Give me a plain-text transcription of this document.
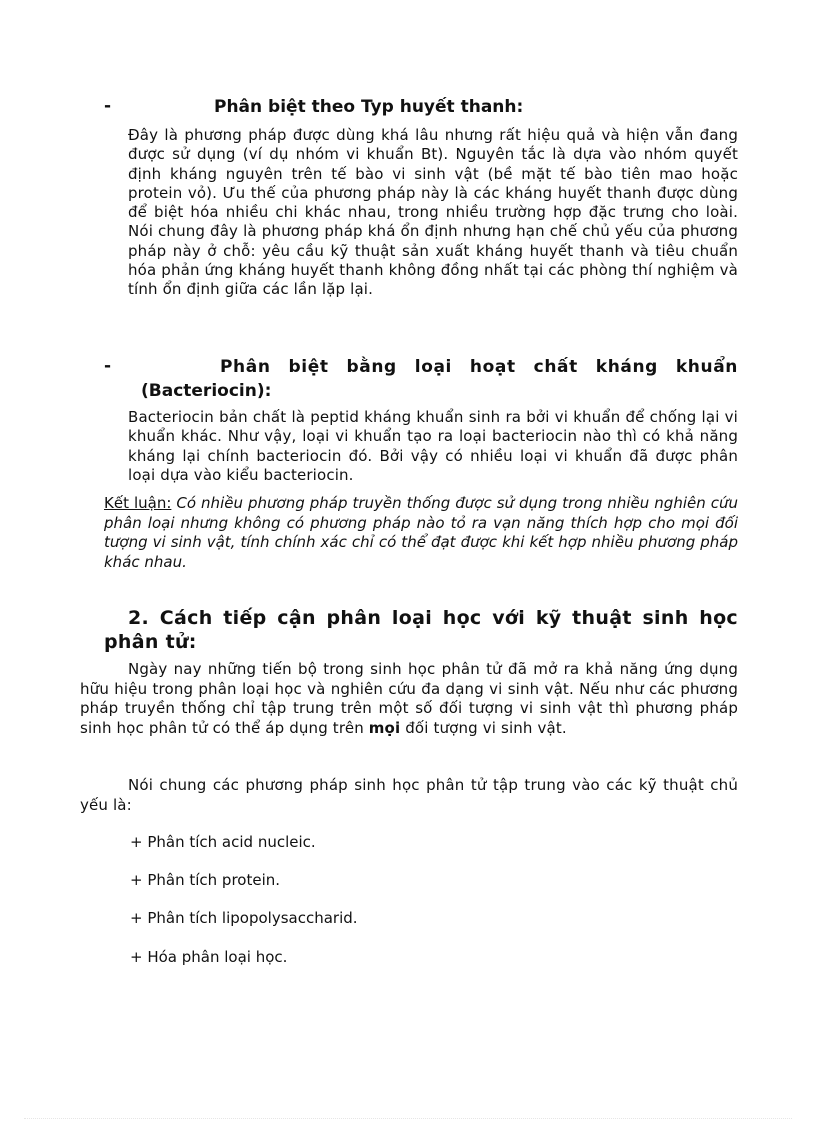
-	Phân biệt theo Typ huyết thanh:
Đây là phương pháp được dùng khá lâu nhưng rất hiệu quả và hiện vẫn đang được sử dụng (ví dụ nhóm vi khuẩn Bt). Nguyên tắc là dựa vào nhóm quyết định kháng nguyên trên tế bào vi sinh vật (bề mặt tế bào tiên mao hoặc protein vỏ). Ưu thế của phương pháp này là các kháng huyết thanh được dùng để biệt hóa nhiều chi khác nhau, trong nhiều trường hợp đặc trưng cho loài. Nói chung đây là phương pháp khá ổn định nhưng hạn chế chủ yếu của phương pháp này ở chỗ: yêu cầu kỹ thuật sản xuất kháng huyết thanh và tiêu chuẩn hóa phản ứng kháng huyết thanh không đồng nhất tại các phòng thí nghiệm và tính ổn định giữa các lần lặp lại.
-	Phân biệt bằng loại hoạt chất kháng khuẩn
(Bacteriocin):
Bacteriocin bản chất là peptid kháng khuẩn sinh ra bởi vi khuẩn để chống lại vi khuẩn khác. Như vậy, loại vi khuẩn tạo ra loại bacteriocin nào thì có khả năng kháng lại chính bacteriocin đó. Bởi vậy có nhiều loại vi khuẩn đã được phân loại dựa vào kiểu bacteriocin.
Kết luận: Có nhiều phương pháp truyền thống được sử dụng trong nhiều nghiên cứu phân loại nhưng không có phương pháp nào tỏ ra vạn năng thích hợp cho mọi đối tượng vi sinh vật, tính chính xác chỉ có thể đạt được khi kết hợp nhiều phương pháp khác nhau.
2. Cách tiếp cận phân loại học với kỹ thuật sinh học phân tử:
Ngày nay những tiến bộ trong sinh học phân tử đã mở ra khả năng ứng dụng hữu hiệu trong phân loại học và nghiên cứu đa dạng vi sinh vật. Nếu như các phương pháp truyền thống chỉ tập trung trên một số đối tượng vi sinh vật thì phương pháp sinh học phân tử có thể áp dụng trên mọi đối tượng vi sinh vật.
Nói chung các phương pháp sinh học phân tử tập trung vào các kỹ thuật chủ yếu là:
+ Phân tích acid nucleic.
+ Phân tích protein.
+ Phân tích lipopolysaccharid.
+ Hóa phân loại học.
